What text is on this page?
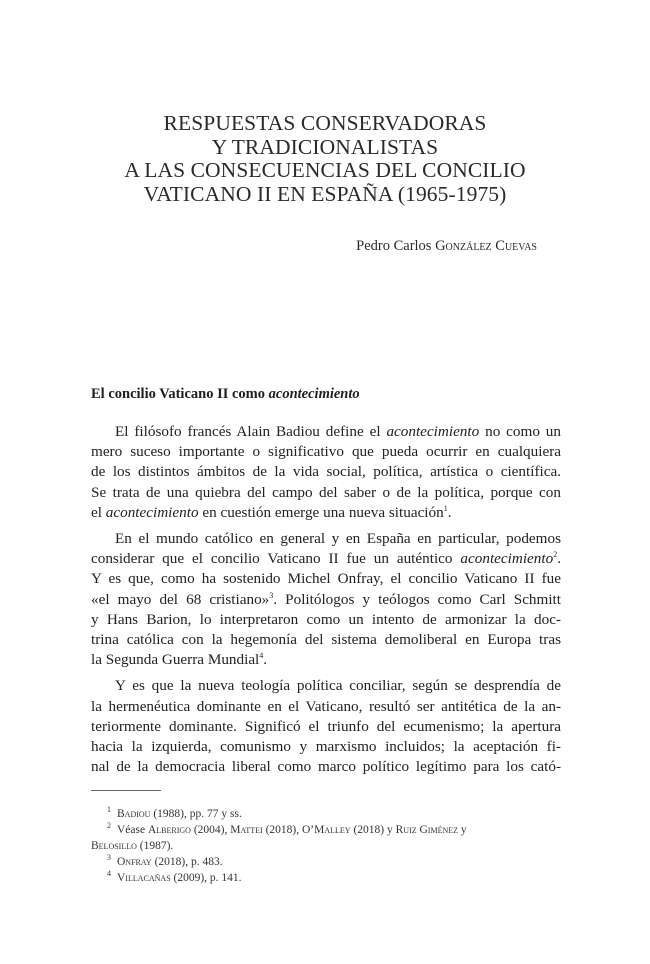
RESPUESTAS CONSERVADORAS
Y TRADICIONALISTAS
A LAS CONSECUENCIAS DEL CONCILIO
VATICANO II EN ESPAÑA (1965-1975)
Pedro Carlos González Cuevas
El concilio Vaticano II como acontecimiento

El filósofo francés Alain Badiou define el acontecimiento no como un
mero suceso importante o significativo que pueda ocurrir en cualquiera
de los distintos ámbitos de la vida social, política, artística o científica.
Se trata de una quiebra del campo del saber o de la política, porque con
el acontecimiento en cuestión emerge una nueva situación$^1$.

En el mundo católico en general y en España en particular, podemos
considerar que el concilio Vaticano II fue un auténtico acontecimiento$^2$.
Y es que, como ha sostenido Michel Onfray, el concilio Vaticano II fue
«el mayo del 68 cristiano»$^3$. Politólogos y teólogos como Carl Schmitt
y Hans Barion, lo interpretaron como un intento de armonizar la doc-
trina católica con la hegemonía del sistema demoliberal en Europa tras
la Segunda Guerra Mundial$^4$.

Y es que la nueva teología política conciliar, según se desprendía de
la hermenéutica dominante en el Vaticano, resultó ser antitética de la an-
teriormente dominante. Significó el triunfo del ecumenismo; la apertura
hacia la izquierda, comunismo y marxismo incluidos; la aceptación fi-
nal de la democracia liberal como marco político legítimo para los cató-

1 Badiou (1988), pp. 77 y ss.
2 Véase Alberigo (2004), Mattei (2018), O’Malley (2018) y Ruiz Giménez y
Belosillo (1987).
3 Onfray (2018), p. 483.
4 Villacañas (2009), p. 141.
